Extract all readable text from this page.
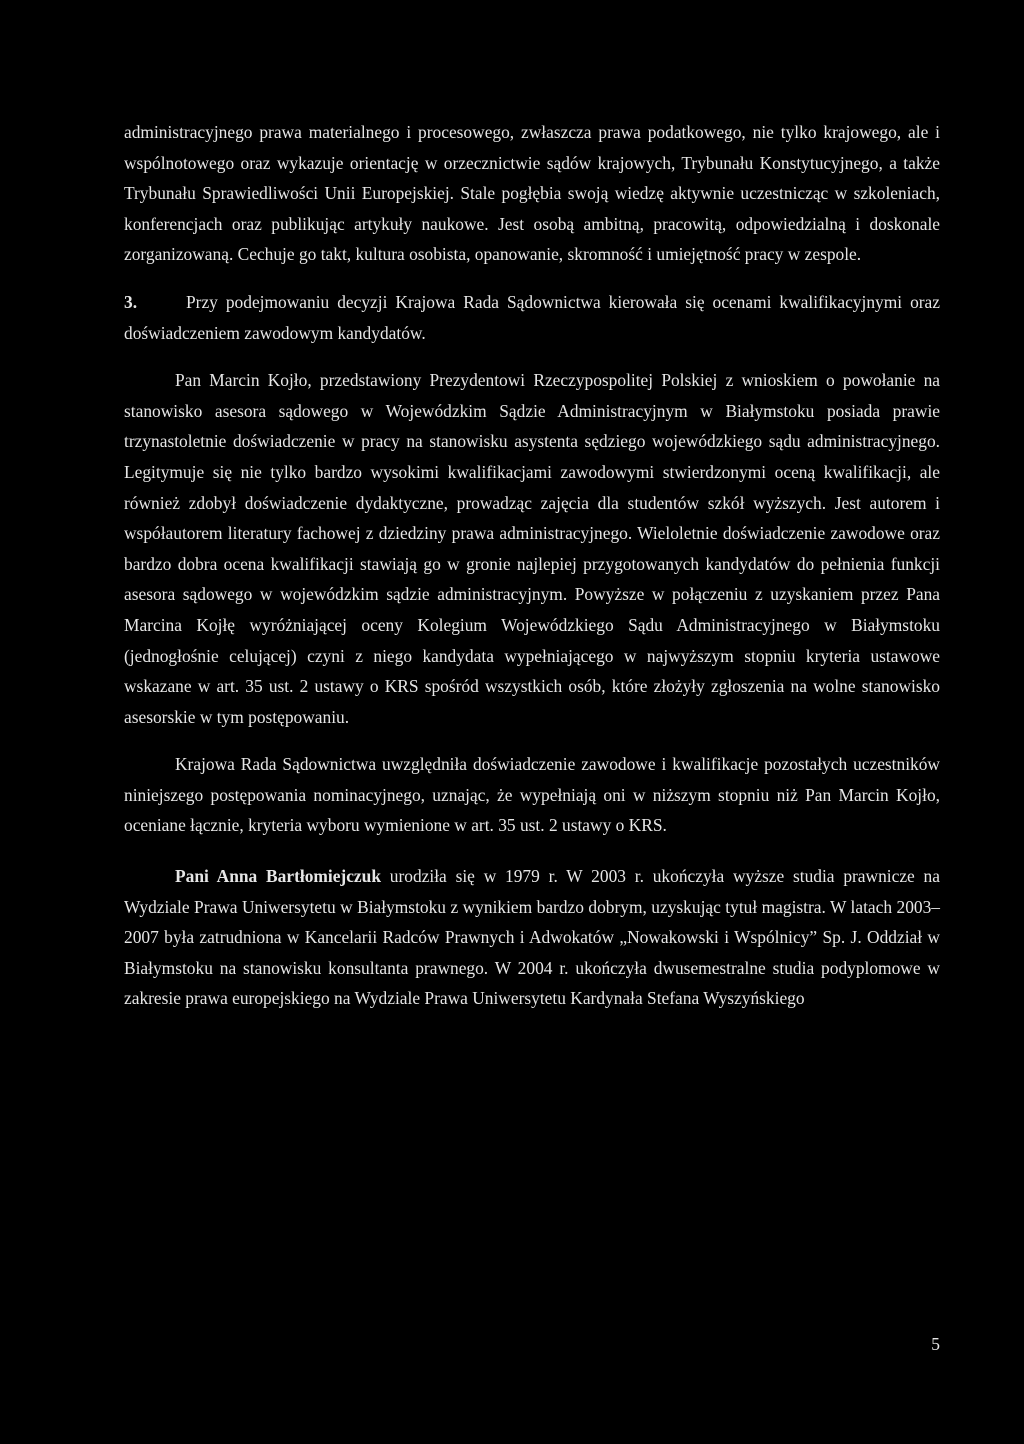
administracyjnego prawa materialnego i procesowego, zwłaszcza prawa podatkowego, nie tylko krajowego, ale i wspólnotowego oraz wykazuje orientację w orzecznictwie sądów krajowych, Trybunału Konstytucyjnego, a także Trybunału Sprawiedliwości Unii Europejskiej. Stale pogłębia swoją wiedzę aktywnie uczestnicząc w szkoleniach, konferencjach oraz publikując artykuły naukowe. Jest osobą ambitną, pracowitą, odpowiedzialną i doskonale zorganizowaną. Cechuje go takt, kultura osobista, opanowanie, skromność i umiejętność pracy w zespole.

3.	Przy podejmowaniu decyzji Krajowa Rada Sądownictwa kierowała się ocenami kwalifikacyjnymi oraz doświadczeniem zawodowym kandydatów.

Pan Marcin Kojło, przedstawiony Prezydentowi Rzeczypospolitej Polskiej z wnioskiem o powołanie na stanowisko asesora sądowego w Wojewódzkim Sądzie Administracyjnym w Białymstoku posiada prawie trzynastoletnie doświadczenie w pracy na stanowisku asystenta sędziego wojewódzkiego sądu administracyjnego. Legitymuje się nie tylko bardzo wysokimi kwalifikacjami zawodowymi stwierdzonymi oceną kwalifikacji, ale również zdobył doświadczenie dydaktyczne, prowadząc zajęcia dla studentów szkół wyższych. Jest autorem i współautorem literatury fachowej z dziedziny prawa administracyjnego. Wieloletnie doświadczenie zawodowe oraz bardzo dobra ocena kwalifikacji stawiają go w gronie najlepiej przygotowanych kandydatów do pełnienia funkcji asesora sądowego w wojewódzkim sądzie administracyjnym. Powyższe w połączeniu z uzyskaniem przez Pana Marcina Kojłę wyróżniającej oceny Kolegium Wojewódzkiego Sądu Administracyjnego w Białymstoku (jednogłośnie celującej) czyni z niego kandydata wypełniającego w najwyższym stopniu kryteria ustawowe wskazane w art. 35 ust. 2 ustawy o KRS spośród wszystkich osób, które złożyły zgłoszenia na wolne stanowisko asesorskie w tym postępowaniu.

Krajowa Rada Sądownictwa uwzględniła doświadczenie zawodowe i kwalifikacje pozostałych uczestników niniejszego postępowania nominacyjnego, uznając, że wypełniają oni w niższym stopniu niż Pan Marcin Kojło, oceniane łącznie, kryteria wyboru wymienione w art. 35 ust. 2 ustawy o KRS.

Pani Anna Bartłomiejczuk urodziła się w 1979 r. W 2003 r. ukończyła wyższe studia prawnicze na Wydziale Prawa Uniwersytetu w Białymstoku z wynikiem bardzo dobrym, uzyskując tytuł magistra. W latach 2003–2007 była zatrudniona w Kancelarii Radców Prawnych i Adwokatów „Nowakowski i Wspólnicy” Sp. J. Oddział w Białymstoku na stanowisku konsultanta prawnego. W 2004 r. ukończyła dwusemestralne studia podyplomowe w zakresie prawa europejskiego na Wydziale Prawa Uniwersytetu Kardynała Stefana Wyszyńskiego

5
